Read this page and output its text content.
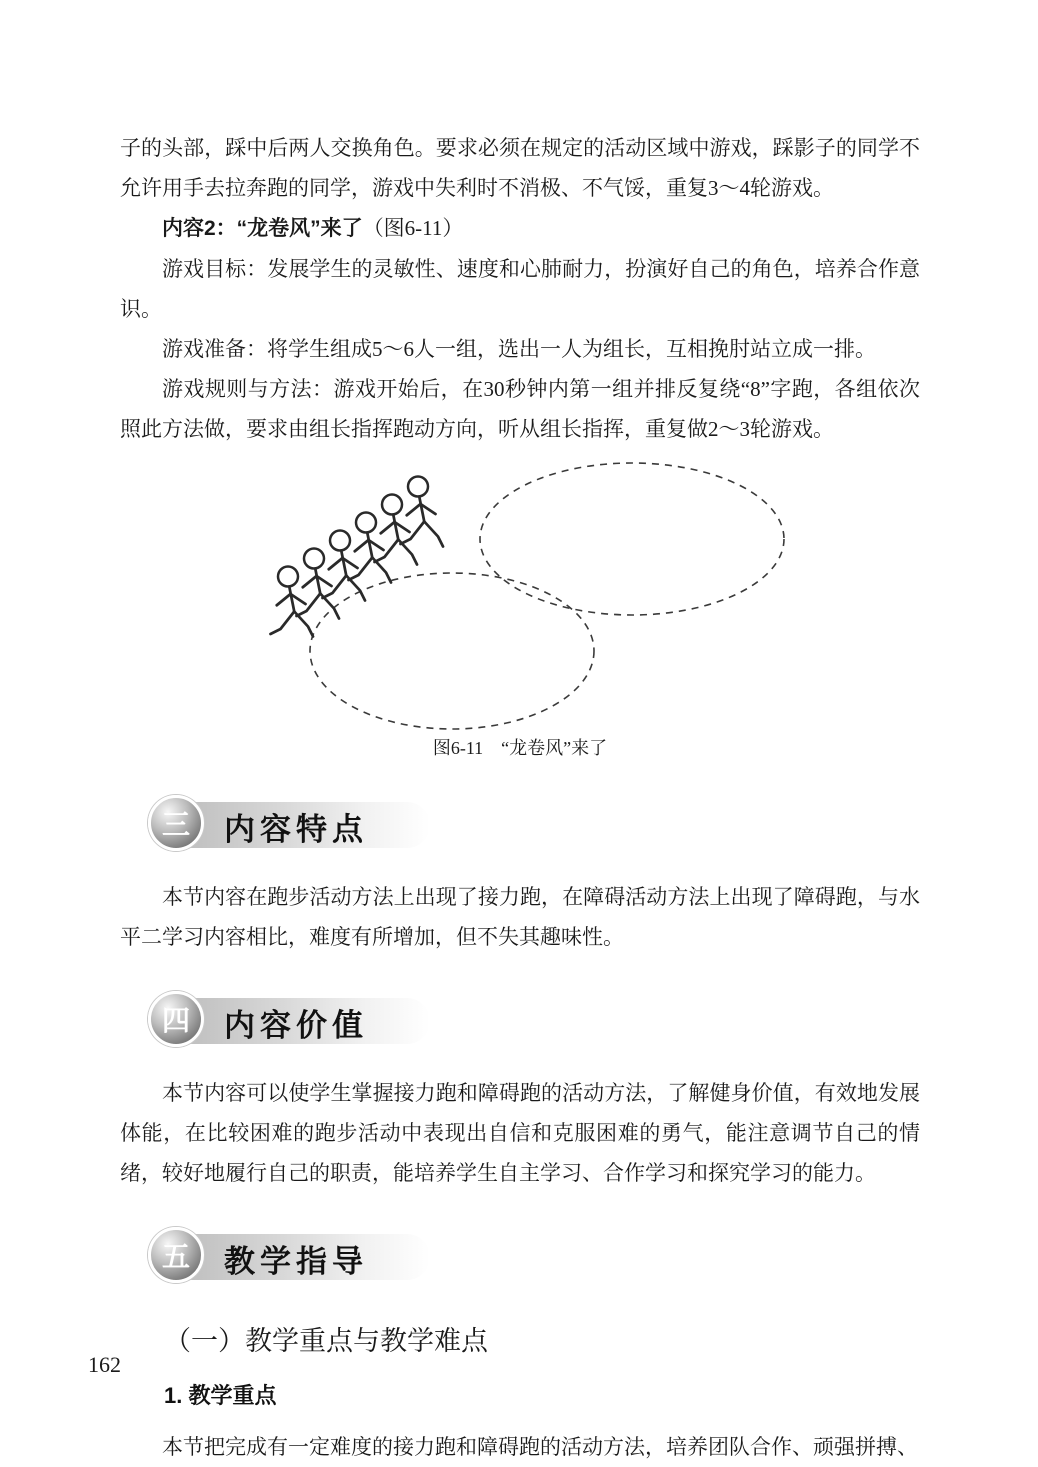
子的头部，踩中后两人交换角色。要求必须在规定的活动区域中游戏，踩影子的同学不允许用手去拉奔跑的同学，游戏中失利时不消极、不气馁，重复3～4轮游戏。

内容2：“龙卷风”来了（图6-11）

游戏目标：发展学生的灵敏性、速度和心肺耐力，扮演好自己的角色，培养合作意识。

游戏准备：将学生组成5～6人一组，选出一人为组长，互相挽肘站立成一排。

游戏规则与方法：游戏开始后，在30秒钟内第一组并排反复绕“8”字跑，各组依次照此方法做，要求由组长指挥跑动方向，听从组长指挥，重复做2～3轮游戏。

图6-11　“龙卷风”来了
三 内容特点

本节内容在跑步活动方法上出现了接力跑，在障碍活动方法上出现了障碍跑，与水平二学习内容相比，难度有所增加，但不失其趣味性。

四 内容价值

本节内容可以使学生掌握接力跑和障碍跑的活动方法，了解健身价值，有效地发展体能，在比较困难的跑步活动中表现出自信和克服困难的勇气，能注意调节自己的情绪，较好地履行自己的职责，能培养学生自主学习、合作学习和探究学习的能力。

五 教学指导
（一）教学重点与教学难点
1. 教学重点

本节把完成有一定难度的接力跑和障碍跑的活动方法，培养团队合作、顽强拼搏、

162
